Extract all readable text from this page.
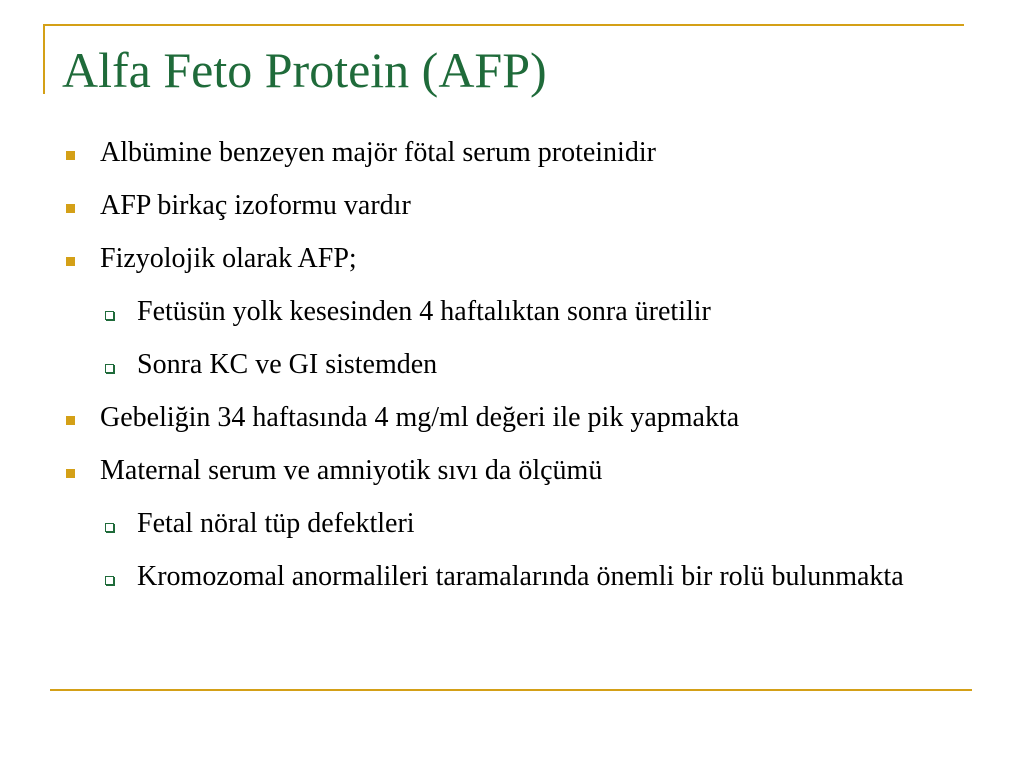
Alfa Feto Protein (AFP)
Albümine benzeyen majör fötal serum proteinidir
AFP birkaç izoformu vardır
Fizyolojik olarak AFP;
Fetüsün yolk kesesinden 4 haftalıktan sonra üretilir
Sonra KC ve GI sistemden
Gebeliğin 34 haftasında 4 mg/ml değeri ile pik yapmakta
Maternal serum ve amniyotik sıvı da ölçümü
Fetal nöral tüp defektleri
Kromozomal anormalileri taramalarında önemli bir rolü bulunmakta
